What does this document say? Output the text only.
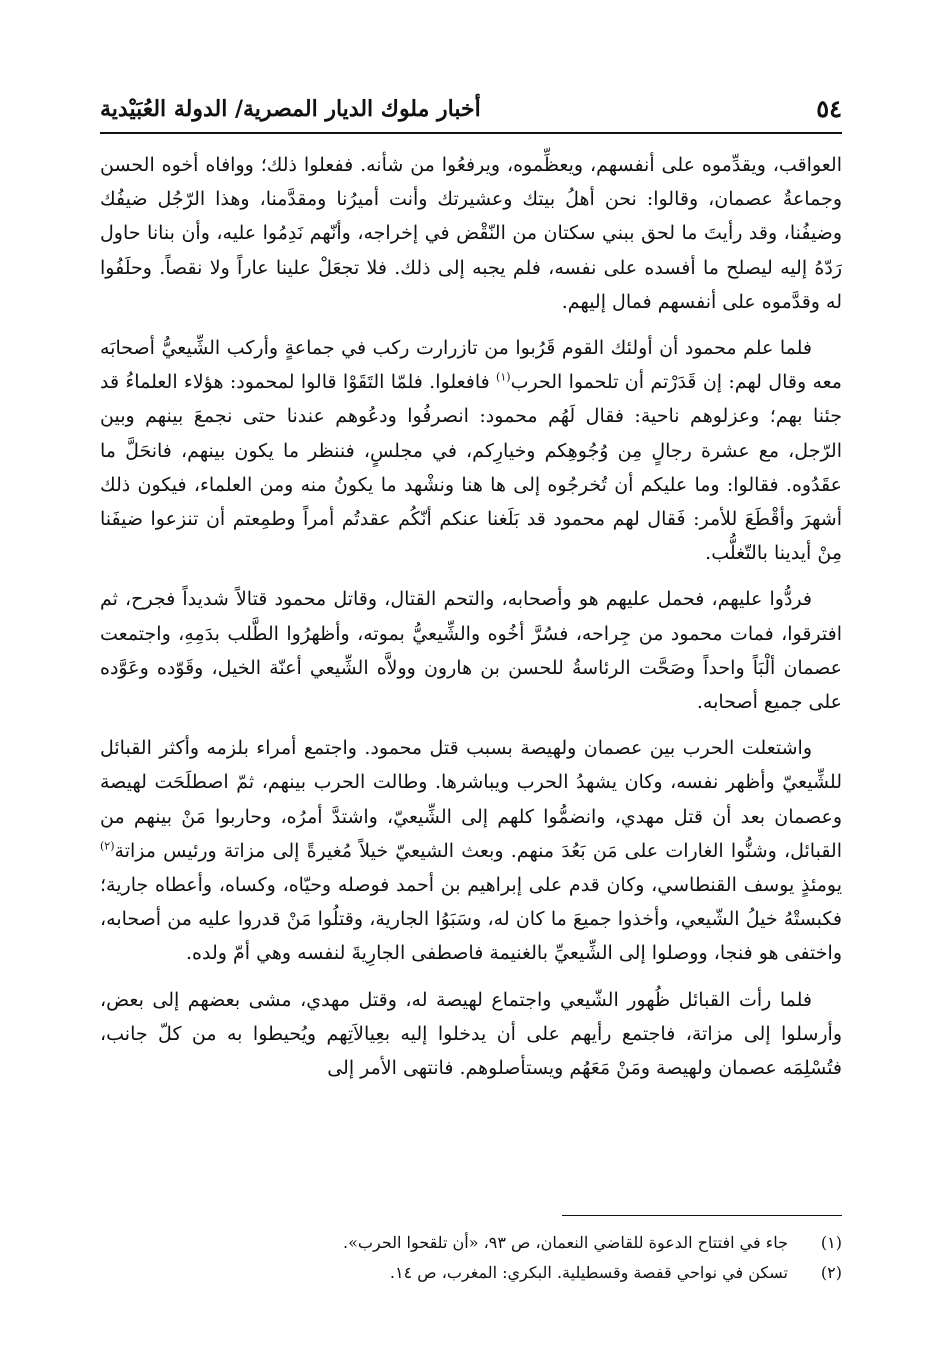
٥٤
أخبار ملوك الديار المصرية/ الدولة العُبَيْدية

العواقب، ويقدِّموه على أنفسهم، ويعظِّموه، ويرفعُوا من شأنه. ففعلوا ذلك؛ ووافاه أخوه الحسن وجماعةُ عصمان، وقالوا: نحن أهلُ بيتك وعشيرتك وأنت أميرُنا ومقدَّمنا، وهذا الرّجُل ضيفُك وضيفُنا، وقد رأيتَ ما لحق ببني سكتان من النّقْض في إخراجه، وأنّهم نَدِمُوا عليه، وأن بنانا حاول رَدّهُ إليه ليصلح ما أفسده على نفسه، فلم يجبه إلى ذلك. فلا تجعَلْ علينا عاراً ولا نقصاً. وحلَفُوا له وقدَّموه على أنفسهم فمال إليهم.

فلما علم محمود أن أولئك القوم قَرُبوا من تازرارت ركب في جماعةٍ وأركب الشِّيعيُّ أصحابَه معه وقال لهم: إن قَدَرْتم أن تلحموا الحرب$^{(١)}$ فافعلوا. فلمّا التَقَوْا قالوا لمحمود: هؤلاء العلماءُ قد جئنا بهم؛ وعزلوهم ناحية: فقال لَهُم محمود: انصرفُوا ودعُوهم عندنا حتى نجمعَ بينهم وبين الرّجل، مع عشرة رجالٍ مِن وُجُوهِكم وخيارِكم، في مجلسٍ، فننظر ما يكون بينهم، فانحَلَّ ما عقَدُوه. فقالوا: وما عليكم أن تُخرجُوه إلى ها هنا ونشْهد ما يكونُ منه ومن العلماء، فيكون ذلك أشهرَ وأقْطَعَ للأمر: فَقال لهم محمود قد بَلَغنا عنكم أنّكُم عقدتُم أمراً وطمِعتم أن تنزعوا ضيفَنا مِنْ أيدينا بالتّغلُّب.

فردُّوا عليهم، فحمل عليهم هو وأصحابه، والتحم القتال، وقاتل محمود قتالاً شديداً فجرح، ثم افترقوا، فمات محمود من جِراحه، فسُرَّ أخُوه والشِّيعيُّ بموته، وأظهرُوا الطَّلب بدَمِهِ، واجتمعت عصمان ألْبَاً واحداً وصَحَّت الرئاسةُ للحسن بن هارون وولاَّه الشِّيعي أعنّة الخيل، وقَوّده وعَوَّده على جميع أصحابه.

واشتعلت الحرب بين عصمان ولهيصة بسبب قتل محمود. واجتمع أمراء بلزمه وأكثر القبائل للشِّيعيّ وأظهر نفسه، وكان يشهدُ الحرب ويباشرها. وطالت الحرب بينهم، ثمّ اصطلَحَت لهيصة وعصمان بعد أن قتل مهدي، وانضمُّوا كلهم إلى الشِّيعيّ، واشتدَّ أمرُه، وحاربوا مَنْ بينهم من القبائل، وشنُّوا الغارات على مَن بَعُدَ منهم. وبعث الشيعيّ خيلاً مُغيرةً إلى مزاتة ورئيس مزاتة$^{(٢)}$ يومئذٍ يوسف القنطاسي، وكان قدم على إبراهيم بن أحمد فوصله وحيّاه، وكساه، وأعطاه جارية؛ فكبستْهُ خيلُ الشّيعي، وأخذوا جميعَ ما كان له، وسَبَوُا الجارية، وقتلُوا مَنْ قدروا عليه من أصحابه، واختفى هو فنجا، ووصلوا إلى الشِّيعيِّ بالغنيمة فاصطفى الجارِيةَ لنفسه وهي أمّ ولده.

فلما رأت القبائل ظُهور الشّيعي واجتماع لهيصة له، وقتل مهدي، مشى بعضهم إلى بعض، وأرسلوا إلى مزاتة، فاجتمع رأيهم على أن يدخلوا إليه بعِيالاَتِهم ويُحيطوا به من كلّ جانب، فتُسْلِمَه عصمان ولهيصة ومَنْ مَعَهُم ويستأصلوهم. فانتهى الأمر إلى

(١)
جاء في افتتاح الدعوة للقاضي النعمان، ص ٩٣، «أن تلقحوا الحرب».
(٢)
تسكن في نواحي قفصة وقسطيلية. البكري: المغرب، ص ١٤.
